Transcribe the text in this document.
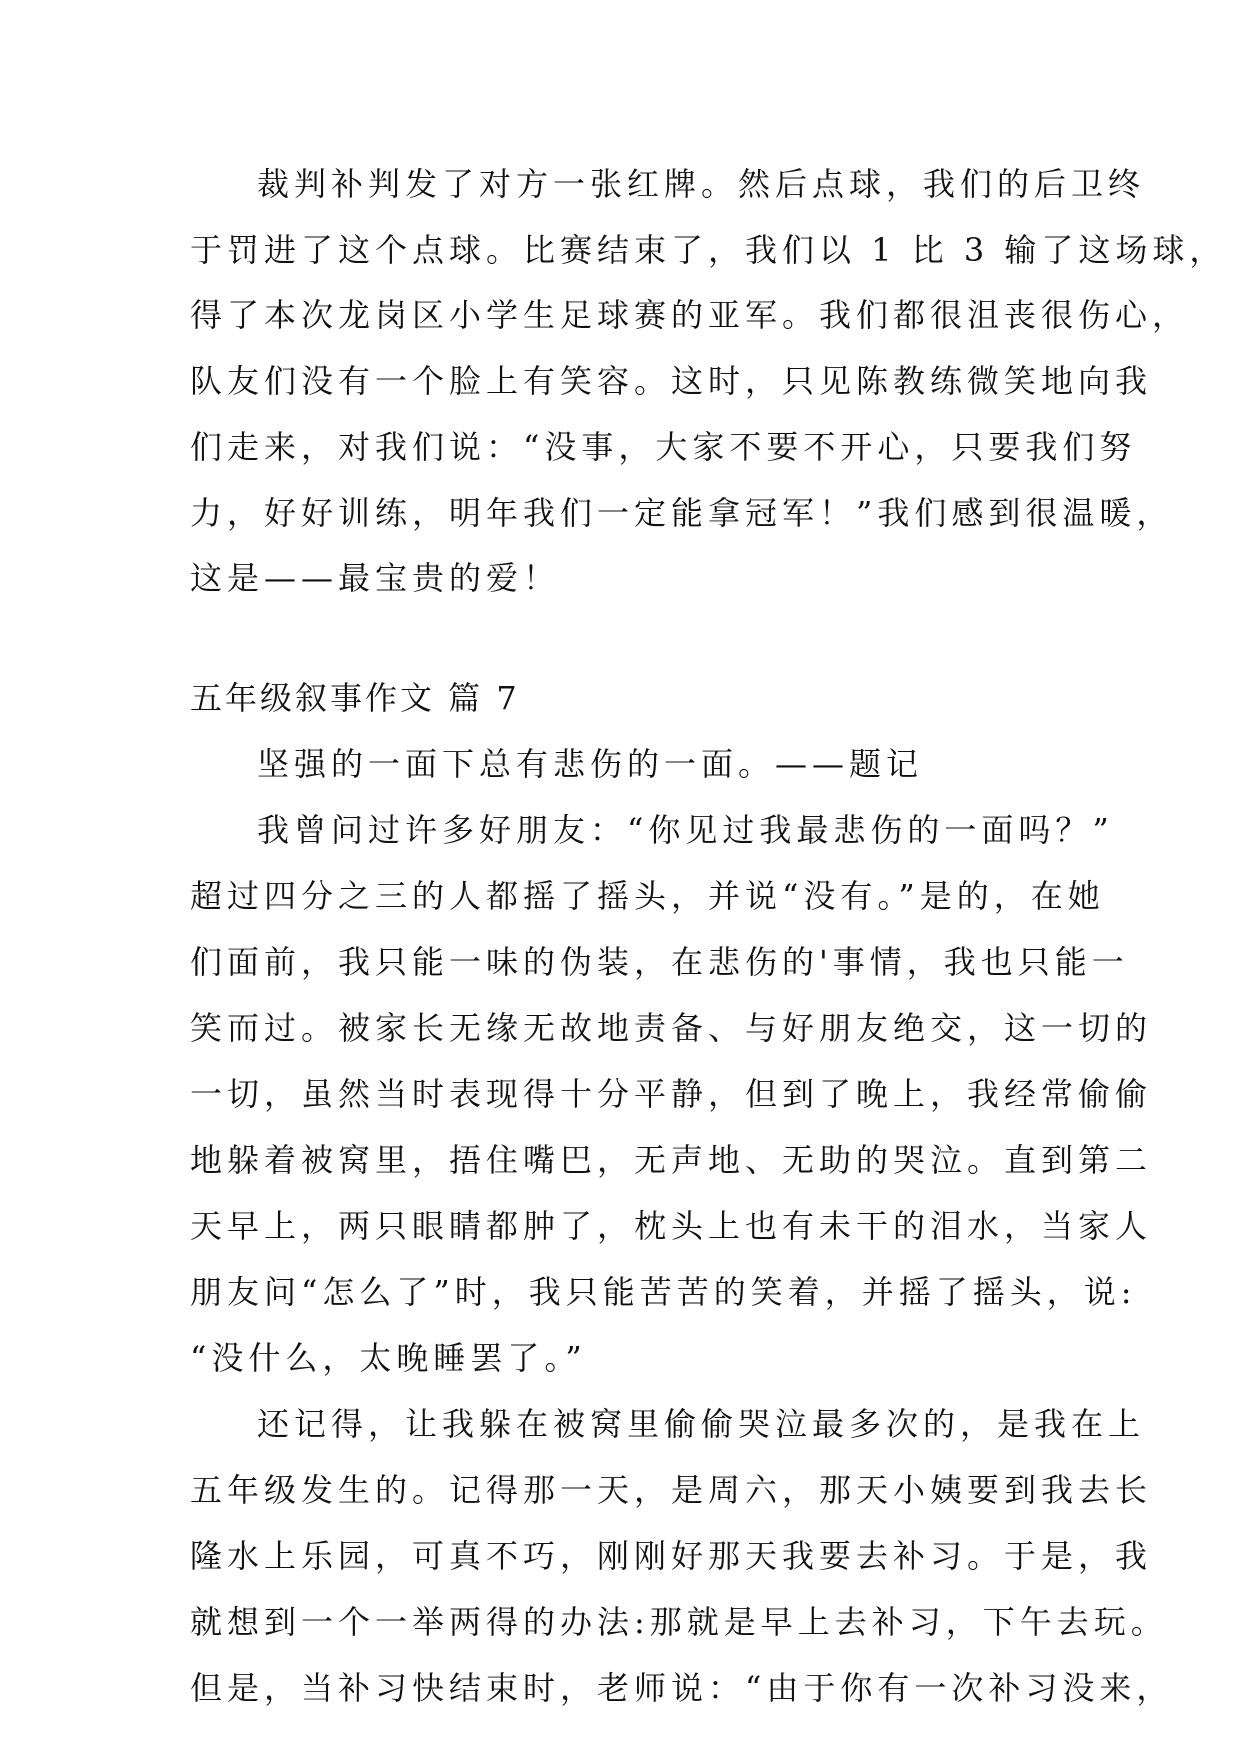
裁判补判发了对方一张红牌。然后点球，我们的后卫终
于罚进了这个点球。比赛结束了，我们以 1 比 3 输了这场球，
得了本次龙岗区小学生足球赛的亚军。我们都很沮丧很伤心，
队友们没有一个脸上有笑容。这时，只见陈教练微笑地向我
们走来，对我们说：“没事，大家不要不开心，只要我们努
力，好好训练，明年我们一定能拿冠军！”我们感到很温暖，
这是——最宝贵的爱！
五年级叙事作文 篇 7
坚强的一面下总有悲伤的一面。——题记
我曾问过许多好朋友：“你见过我最悲伤的一面吗？”
超过四分之三的人都摇了摇头，并说“没有。”是的，在她
们面前，我只能一味的伪装，在悲伤的'事情，我也只能一
笑而过。被家长无缘无故地责备、与好朋友绝交，这一切的
一切，虽然当时表现得十分平静，但到了晚上，我经常偷偷
地躲着被窝里，捂住嘴巴，无声地、无助的哭泣。直到第二
天早上，两只眼睛都肿了，枕头上也有未干的泪水，当家人
朋友问“怎么了”时，我只能苦苦的笑着，并摇了摇头，说:
“没什么，太晚睡罢了。”
还记得，让我躲在被窝里偷偷哭泣最多次的，是我在上
五年级发生的。记得那一天，是周六，那天小姨要到我去长
隆水上乐园，可真不巧，刚刚好那天我要去补习。于是，我
就想到一个一举两得的办法:那就是早上去补习，下午去玩。
但是，当补习快结束时，老师说：“由于你有一次补习没来，
